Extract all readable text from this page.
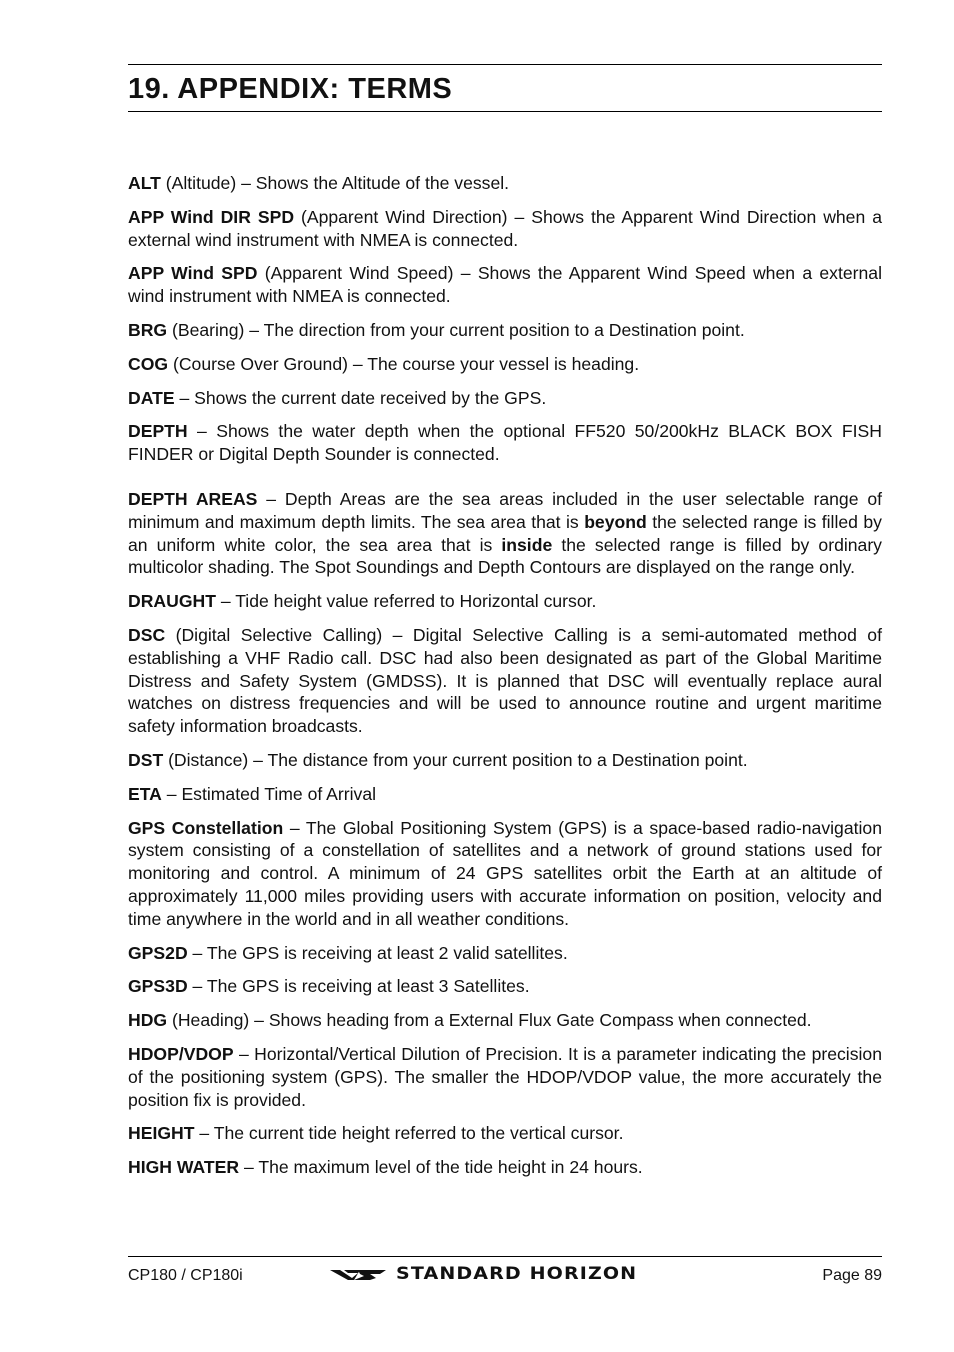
19. APPENDIX: TERMS

ALT (Altitude) – Shows the Altitude of the vessel.

APP Wind DIR SPD (Apparent Wind Direction) – Shows the Apparent Wind Direction when a external wind instrument with NMEA is connected.

APP Wind SPD (Apparent Wind Speed) – Shows the Apparent Wind Speed when a external wind instrument with NMEA is connected.

BRG (Bearing) – The direction from your current position to a Destination point.

COG (Course Over Ground) – The course your vessel is heading.

DATE – Shows the current date received by the GPS.

DEPTH – Shows the water depth when the optional FF520 50/200kHz BLACK BOX FISH FINDER or Digital Depth Sounder is connected.

DEPTH AREAS – Depth Areas are the sea areas included in the user selectable range of minimum and maximum depth limits. The sea area that is beyond the selected range is filled by an uniform white color, the sea area that is inside the selected range is filled by ordinary multicolor shading. The Spot Soundings and Depth Contours are displayed on the range only.

DRAUGHT – Tide height value referred to Horizontal cursor.

DSC (Digital Selective Calling) – Digital Selective Calling is a semi-automated method of establishing a VHF Radio call. DSC had also been designated as part of the Global Maritime Distress and Safety System (GMDSS). It is planned that DSC will eventually replace aural watches on distress frequencies and will be used to announce routine and urgent maritime safety information broadcasts.

DST (Distance) – The distance from your current position to a Destination point.

ETA – Estimated Time of Arrival

GPS Constellation – The Global Positioning System (GPS) is a space-based radio-navigation system consisting of a constellation of satellites and a network of ground stations used for monitoring and control. A minimum of 24 GPS satellites orbit the Earth at an altitude of approximately 11,000 miles providing users with accurate information on position, velocity and time anywhere in the world and in all weather conditions.

GPS2D – The GPS is receiving at least 2 valid satellites.

GPS3D – The GPS is receiving at least 3 Satellites.

HDG (Heading) – Shows heading from a External Flux Gate Compass when connected.

HDOP/VDOP – Horizontal/Vertical Dilution of Precision. It is a parameter indicating the precision of the positioning system (GPS). The smaller the HDOP/VDOP value, the more accurately the position fix is provided.

HEIGHT – The current tide height referred to the vertical cursor.

HIGH WATER – The maximum level of the tide height in 24 hours.

CP180 / CP180i	STANDARD HORIZON	Page 89
